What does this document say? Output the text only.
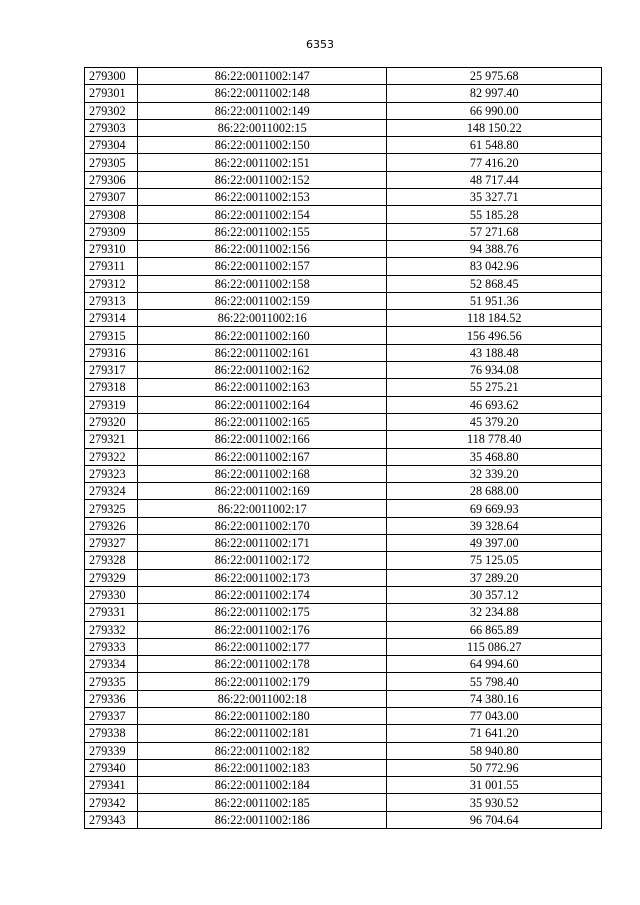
6353
279300	86:22:0011002:147	25 975.68
279301	86:22:0011002:148	82 997.40
279302	86:22:0011002:149	66 990.00
279303	86:22:0011002:15	148 150.22
279304	86:22:0011002:150	61 548.80
279305	86:22:0011002:151	77 416.20
279306	86:22:0011002:152	48 717.44
279307	86:22:0011002:153	35 327.71
279308	86:22:0011002:154	55 185.28
279309	86:22:0011002:155	57 271.68
279310	86:22:0011002:156	94 388.76
279311	86:22:0011002:157	83 042.96
279312	86:22:0011002:158	52 868.45
279313	86:22:0011002:159	51 951.36
279314	86:22:0011002:16	118 184.52
279315	86:22:0011002:160	156 496.56
279316	86:22:0011002:161	43 188.48
279317	86:22:0011002:162	76 934.08
279318	86:22:0011002:163	55 275.21
279319	86:22:0011002:164	46 693.62
279320	86:22:0011002:165	45 379.20
279321	86:22:0011002:166	118 778.40
279322	86:22:0011002:167	35 468.80
279323	86:22:0011002:168	32 339.20
279324	86:22:0011002:169	28 688.00
279325	86:22:0011002:17	69 669.93
279326	86:22:0011002:170	39 328.64
279327	86:22:0011002:171	49 397.00
279328	86:22:0011002:172	75 125.05
279329	86:22:0011002:173	37 289.20
279330	86:22:0011002:174	30 357.12
279331	86:22:0011002:175	32 234.88
279332	86:22:0011002:176	66 865.89
279333	86:22:0011002:177	115 086.27
279334	86:22:0011002:178	64 994.60
279335	86:22:0011002:179	55 798.40
279336	86:22:0011002:18	74 380.16
279337	86:22:0011002:180	77 043.00
279338	86:22:0011002:181	71 641.20
279339	86:22:0011002:182	58 940.80
279340	86:22:0011002:183	50 772.96
279341	86:22:0011002:184	31 001.55
279342	86:22:0011002:185	35 930.52
279343	86:22:0011002:186	96 704.64
